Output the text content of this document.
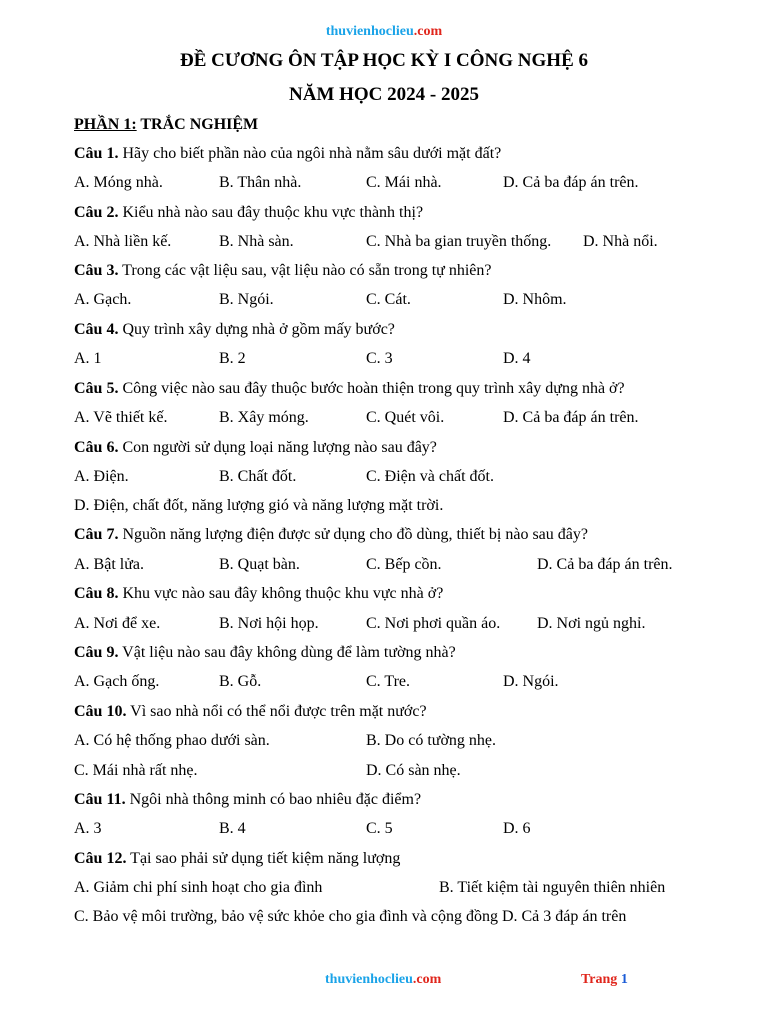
thuvienhoclieu.com
ĐỀ CƯƠNG ÔN TẬP HỌC KỲ I CÔNG NGHỆ 6
NĂM HỌC 2024 - 2025
PHẦN 1: TRẮC NGHIỆM
Câu 1. Hãy cho biết phần nào của ngôi nhà nằm sâu dưới mặt đất?
A. Móng nhà.	B. Thân nhà.	C. Mái nhà.	D. Cả ba đáp án trên.
Câu 2. Kiểu nhà nào sau đây thuộc khu vực thành thị?
A. Nhà liền kế.	B. Nhà sàn.	C. Nhà ba gian truyền thống. D. Nhà nổi.
Câu 3. Trong các vật liệu sau, vật liệu nào có sẵn trong tự nhiên?
A. Gạch.	B. Ngói.	C. Cát.	D. Nhôm.
Câu 4. Quy trình xây dựng nhà ở gồm mấy bước?
A. 1	B. 2	C. 3	D. 4
Câu 5. Công việc nào sau đây thuộc bước hoàn thiện trong quy trình xây dựng nhà ở?
A. Vẽ thiết kế.	B. Xây móng.	C. Quét vôi.	D. Cả ba đáp án trên.
Câu 6. Con người sử dụng loại năng lượng nào sau đây?
A. Điện.	B. Chất đốt.	C. Điện và chất đốt.
D. Điện, chất đốt, năng lượng gió và năng lượng mặt trời.
Câu 7. Nguồn năng lượng điện được sử dụng cho đồ dùng, thiết bị nào sau đây?
A. Bật lửa.	B. Quạt bàn.	C. Bếp cồn.	D. Cả ba đáp án trên.
Câu 8. Khu vực nào sau đây không thuộc khu vực nhà ở?
A. Nơi để xe.	B. Nơi hội họp.	C. Nơi phơi quần áo. D. Nơi ngủ nghỉ.
Câu 9. Vật liệu nào sau đây không dùng để làm tường nhà?
A. Gạch ống.	B. Gỗ.	C. Tre.	D. Ngói.
Câu 10. Vì sao nhà nổi có thể nổi được trên mặt nước?
A. Có hệ thống phao dưới sàn.	B. Do có tường nhẹ.
C. Mái nhà rất nhẹ.	D. Có sàn nhẹ.
Câu 11. Ngôi nhà thông minh có bao nhiêu đặc điểm?
A. 3	B. 4	C. 5	D. 6
Câu 12. Tại sao phải sử dụng tiết kiệm năng lượng
A. Giảm chi phí sinh hoạt cho gia đình	B. Tiết kiệm tài nguyên thiên nhiên
C. Bảo vệ môi trường, bảo vệ sức khỏe cho gia đình và cộng đồng D. Cả 3 đáp án trên
thuvienhoclieu.com	Trang 1
